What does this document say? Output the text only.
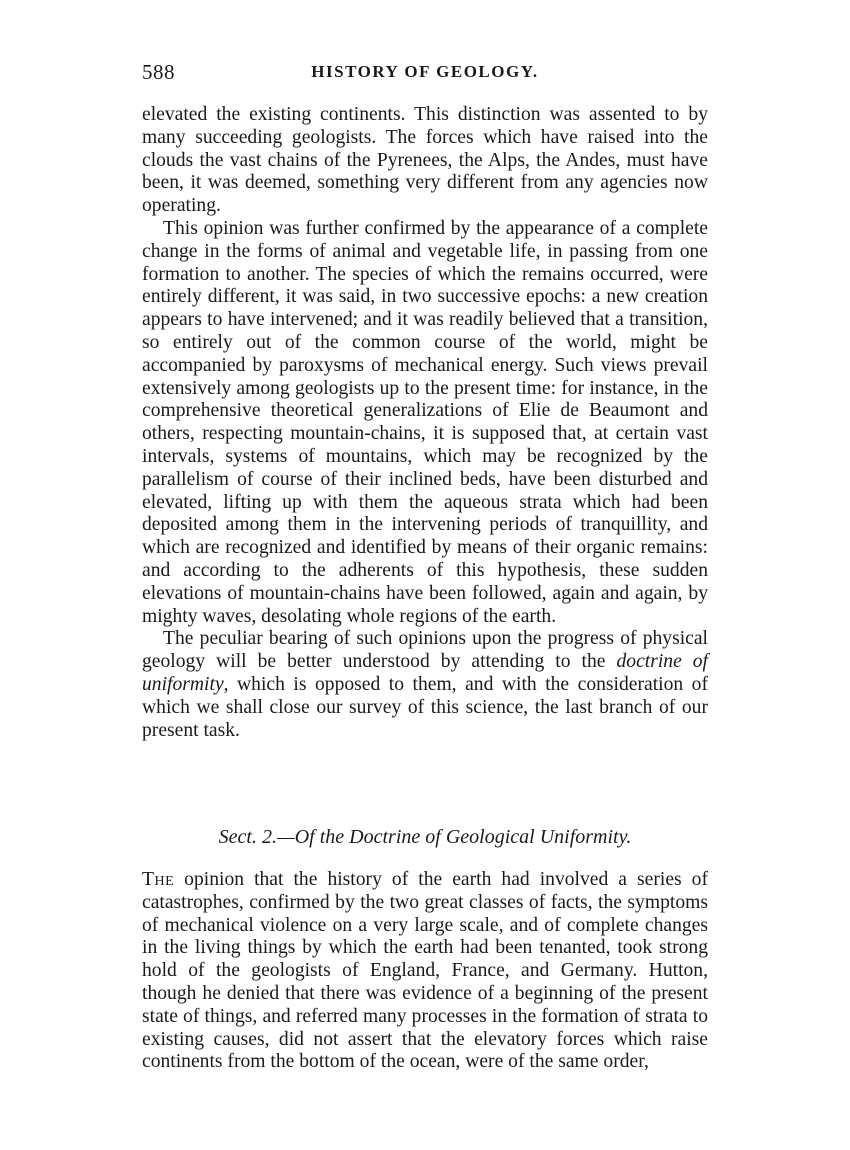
588	HISTORY OF GEOLOGY.

elevated the existing continents. This distinction was assented to by many succeeding geologists. The forces which have raised into the clouds the vast chains of the Pyrenees, the Alps, the Andes, must have been, it was deemed, something very different from any agencies now operating.

This opinion was further confirmed by the appearance of a complete change in the forms of animal and vegetable life, in passing from one formation to another. The species of which the remains occurred, were entirely different, it was said, in two successive epochs: a new creation appears to have intervened; and it was readily believed that a transition, so entirely out of the common course of the world, might be accompanied by paroxysms of mechanical energy. Such views prevail extensively among geologists up to the present time: for instance, in the comprehensive theoretical generalizations of Elie de Beaumont and others, respecting mountain-chains, it is supposed that, at certain vast intervals, systems of mountains, which may be recognized by the parallelism of course of their inclined beds, have been disturbed and elevated, lifting up with them the aqueous strata which had been deposited among them in the intervening periods of tranquillity, and which are recognized and identified by means of their organic remains: and according to the adherents of this hypothesis, these sudden elevations of mountain-chains have been followed, again and again, by mighty waves, desolating whole regions of the earth.

The peculiar bearing of such opinions upon the progress of physical geology will be better understood by attending to the doctrine of uniformity, which is opposed to them, and with the consideration of which we shall close our survey of this science, the last branch of our present task.

Sect. 2.—Of the Doctrine of Geological Uniformity.

The opinion that the history of the earth had involved a series of catastrophes, confirmed by the two great classes of facts, the symptoms of mechanical violence on a very large scale, and of complete changes in the living things by which the earth had been tenanted, took strong hold of the geologists of England, France, and Germany. Hutton, though he denied that there was evidence of a beginning of the present state of things, and referred many processes in the formation of strata to existing causes, did not assert that the elevatory forces which raise continents from the bottom of the ocean, were of the same order,
